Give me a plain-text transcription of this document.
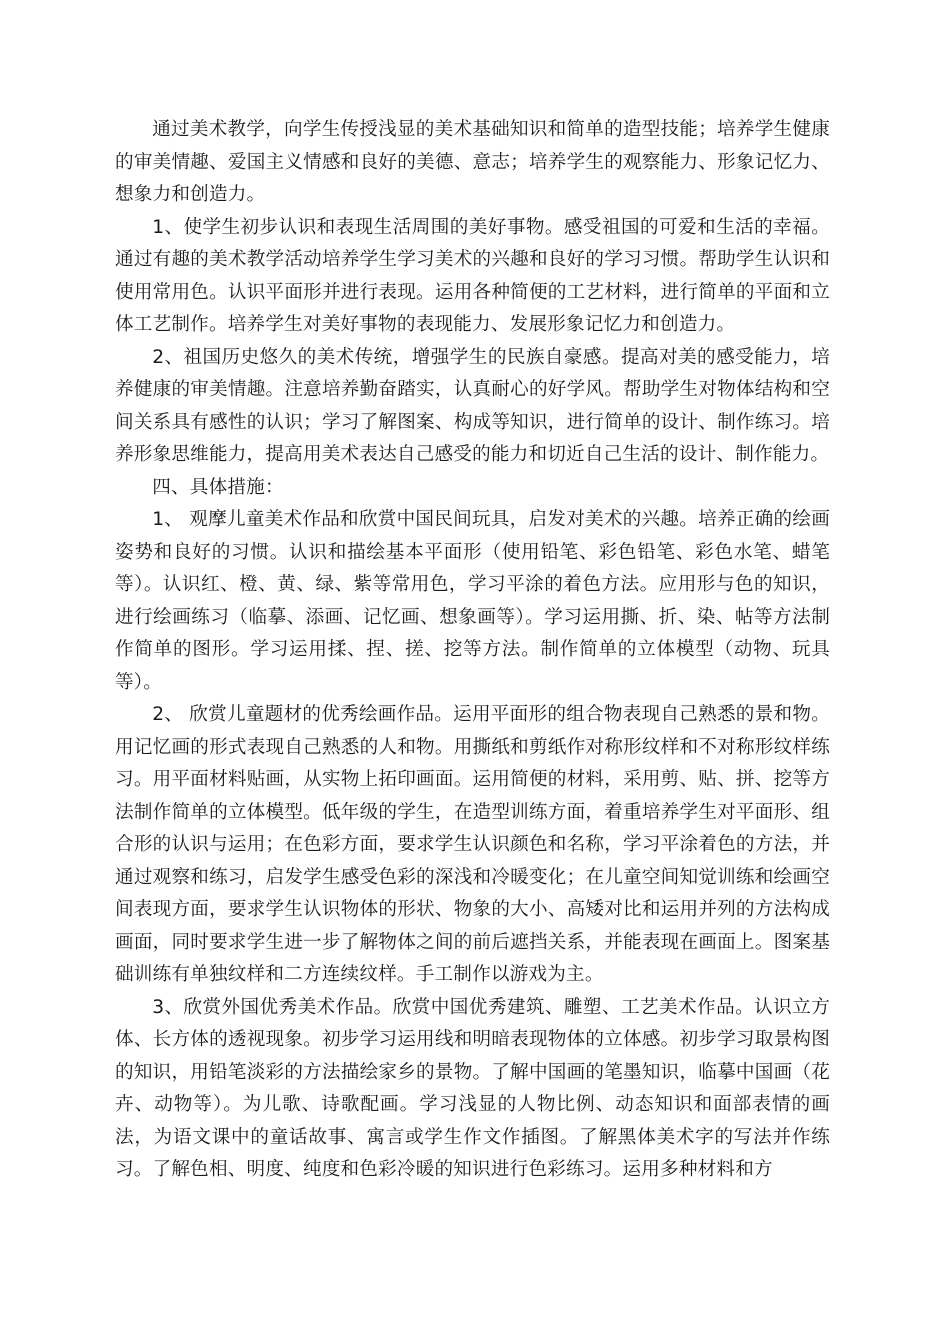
通过美术教学，向学生传授浅显的美术基础知识和简单的造型技能；培养学生健康的审美情趣、爱国主义情感和良好的美德、意志；培养学生的观察能力、形象记忆力、想象力和创造力。

1、使学生初步认识和表现生活周围的美好事物。感受祖国的可爱和生活的幸福。通过有趣的美术教学活动培养学生学习美术的兴趣和良好的学习习惯。帮助学生认识和使用常用色。认识平面形并进行表现。运用各种简便的工艺材料，进行简单的平面和立体工艺制作。培养学生对美好事物的表现能力、发展形象记忆力和创造力。

2、祖国历史悠久的美术传统，增强学生的民族自豪感。提高对美的感受能力，培养健康的审美情趣。注意培养勤奋踏实，认真耐心的好学风。帮助学生对物体结构和空间关系具有感性的认识；学习了解图案、构成等知识，进行简单的设计、制作练习。培养形象思维能力，提高用美术表达自己感受的能力和切近自己生活的设计、制作能力。

四、具体措施：

1、 观摩儿童美术作品和欣赏中国民间玩具，启发对美术的兴趣。培养正确的绘画姿势和良好的习惯。认识和描绘基本平面形（使用铅笔、彩色铅笔、彩色水笔、蜡笔等）。认识红、橙、黄、绿、紫等常用色，学习平涂的着色方法。应用形与色的知识，进行绘画练习（临摹、添画、记忆画、想象画等）。学习运用撕、折、染、帖等方法制作简单的图形。学习运用揉、捏、搓、挖等方法。制作简单的立体模型（动物、玩具等）。

2、 欣赏儿童题材的优秀绘画作品。运用平面形的组合物表现自己熟悉的景和物。用记忆画的形式表现自己熟悉的人和物。用撕纸和剪纸作对称形纹样和不对称形纹样练习。用平面材料贴画，从实物上拓印画面。运用简便的材料，采用剪、贴、拼、挖等方法制作简单的立体模型。低年级的学生，在造型训练方面，着重培养学生对平面形、组合形的认识与运用；在色彩方面，要求学生认识颜色和名称，学习平涂着色的方法，并通过观察和练习，启发学生感受色彩的深浅和冷暖变化；在儿童空间知觉训练和绘画空间表现方面，要求学生认识物体的形状、物象的大小、高矮对比和运用并列的方法构成画面，同时要求学生进一步了解物体之间的前后遮挡关系，并能表现在画面上。图案基础训练有单独纹样和二方连续纹样。手工制作以游戏为主。

3、欣赏外国优秀美术作品。欣赏中国优秀建筑、雕塑、工艺美术作品。认识立方体、长方体的透视现象。初步学习运用线和明暗表现物体的立体感。初步学习取景构图的知识，用铅笔淡彩的方法描绘家乡的景物。了解中国画的笔墨知识，临摹中国画（花卉、动物等）。为儿歌、诗歌配画。学习浅显的人物比例、动态知识和面部表情的画法，为语文课中的童话故事、寓言或学生作文作插图。了解黑体美术字的写法并作练习。了解色相、明度、纯度和色彩冷暖的知识进行色彩练习。运用多种材料和方
